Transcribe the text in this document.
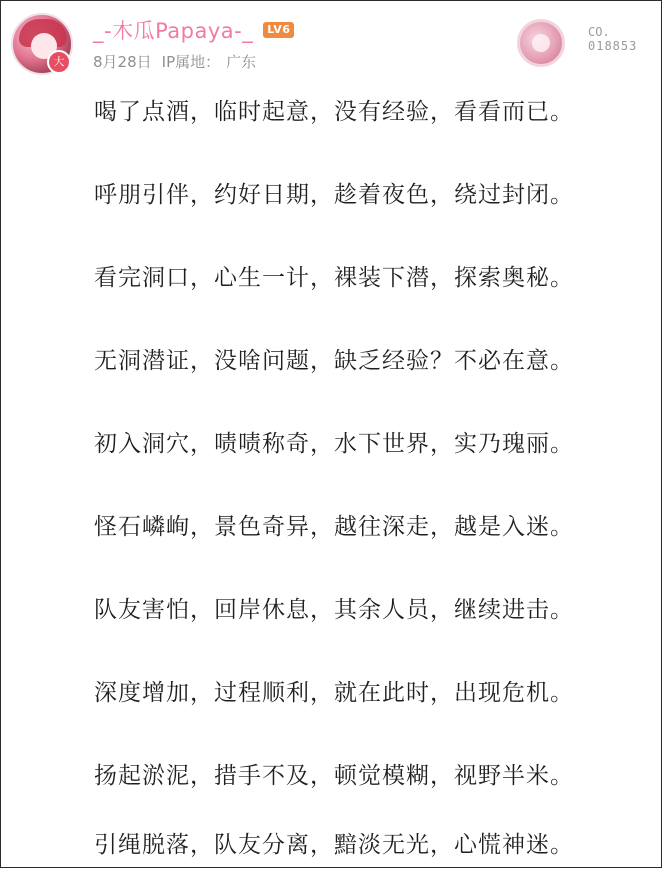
大
_-木瓜Papaya-_	LV6
8月28日 IP属地： 广东
CO.
018853
喝了点酒，临时起意，没有经验，看看而已。
呼朋引伴，约好日期，趁着夜色，绕过封闭。
看完洞口，心生一计，裸装下潜，探索奥秘。
无洞潜证，没啥问题，缺乏经验？不必在意。
初入洞穴，啧啧称奇，水下世界，实乃瑰丽。
怪石嶙峋，景色奇异，越往深走，越是入迷。
队友害怕，回岸休息，其余人员，继续进击。
深度增加，过程顺利，就在此时，出现危机。
扬起淤泥，措手不及，顿觉模糊，视野半米。
引绳脱落，队友分离，黯淡无光，心慌神迷。
